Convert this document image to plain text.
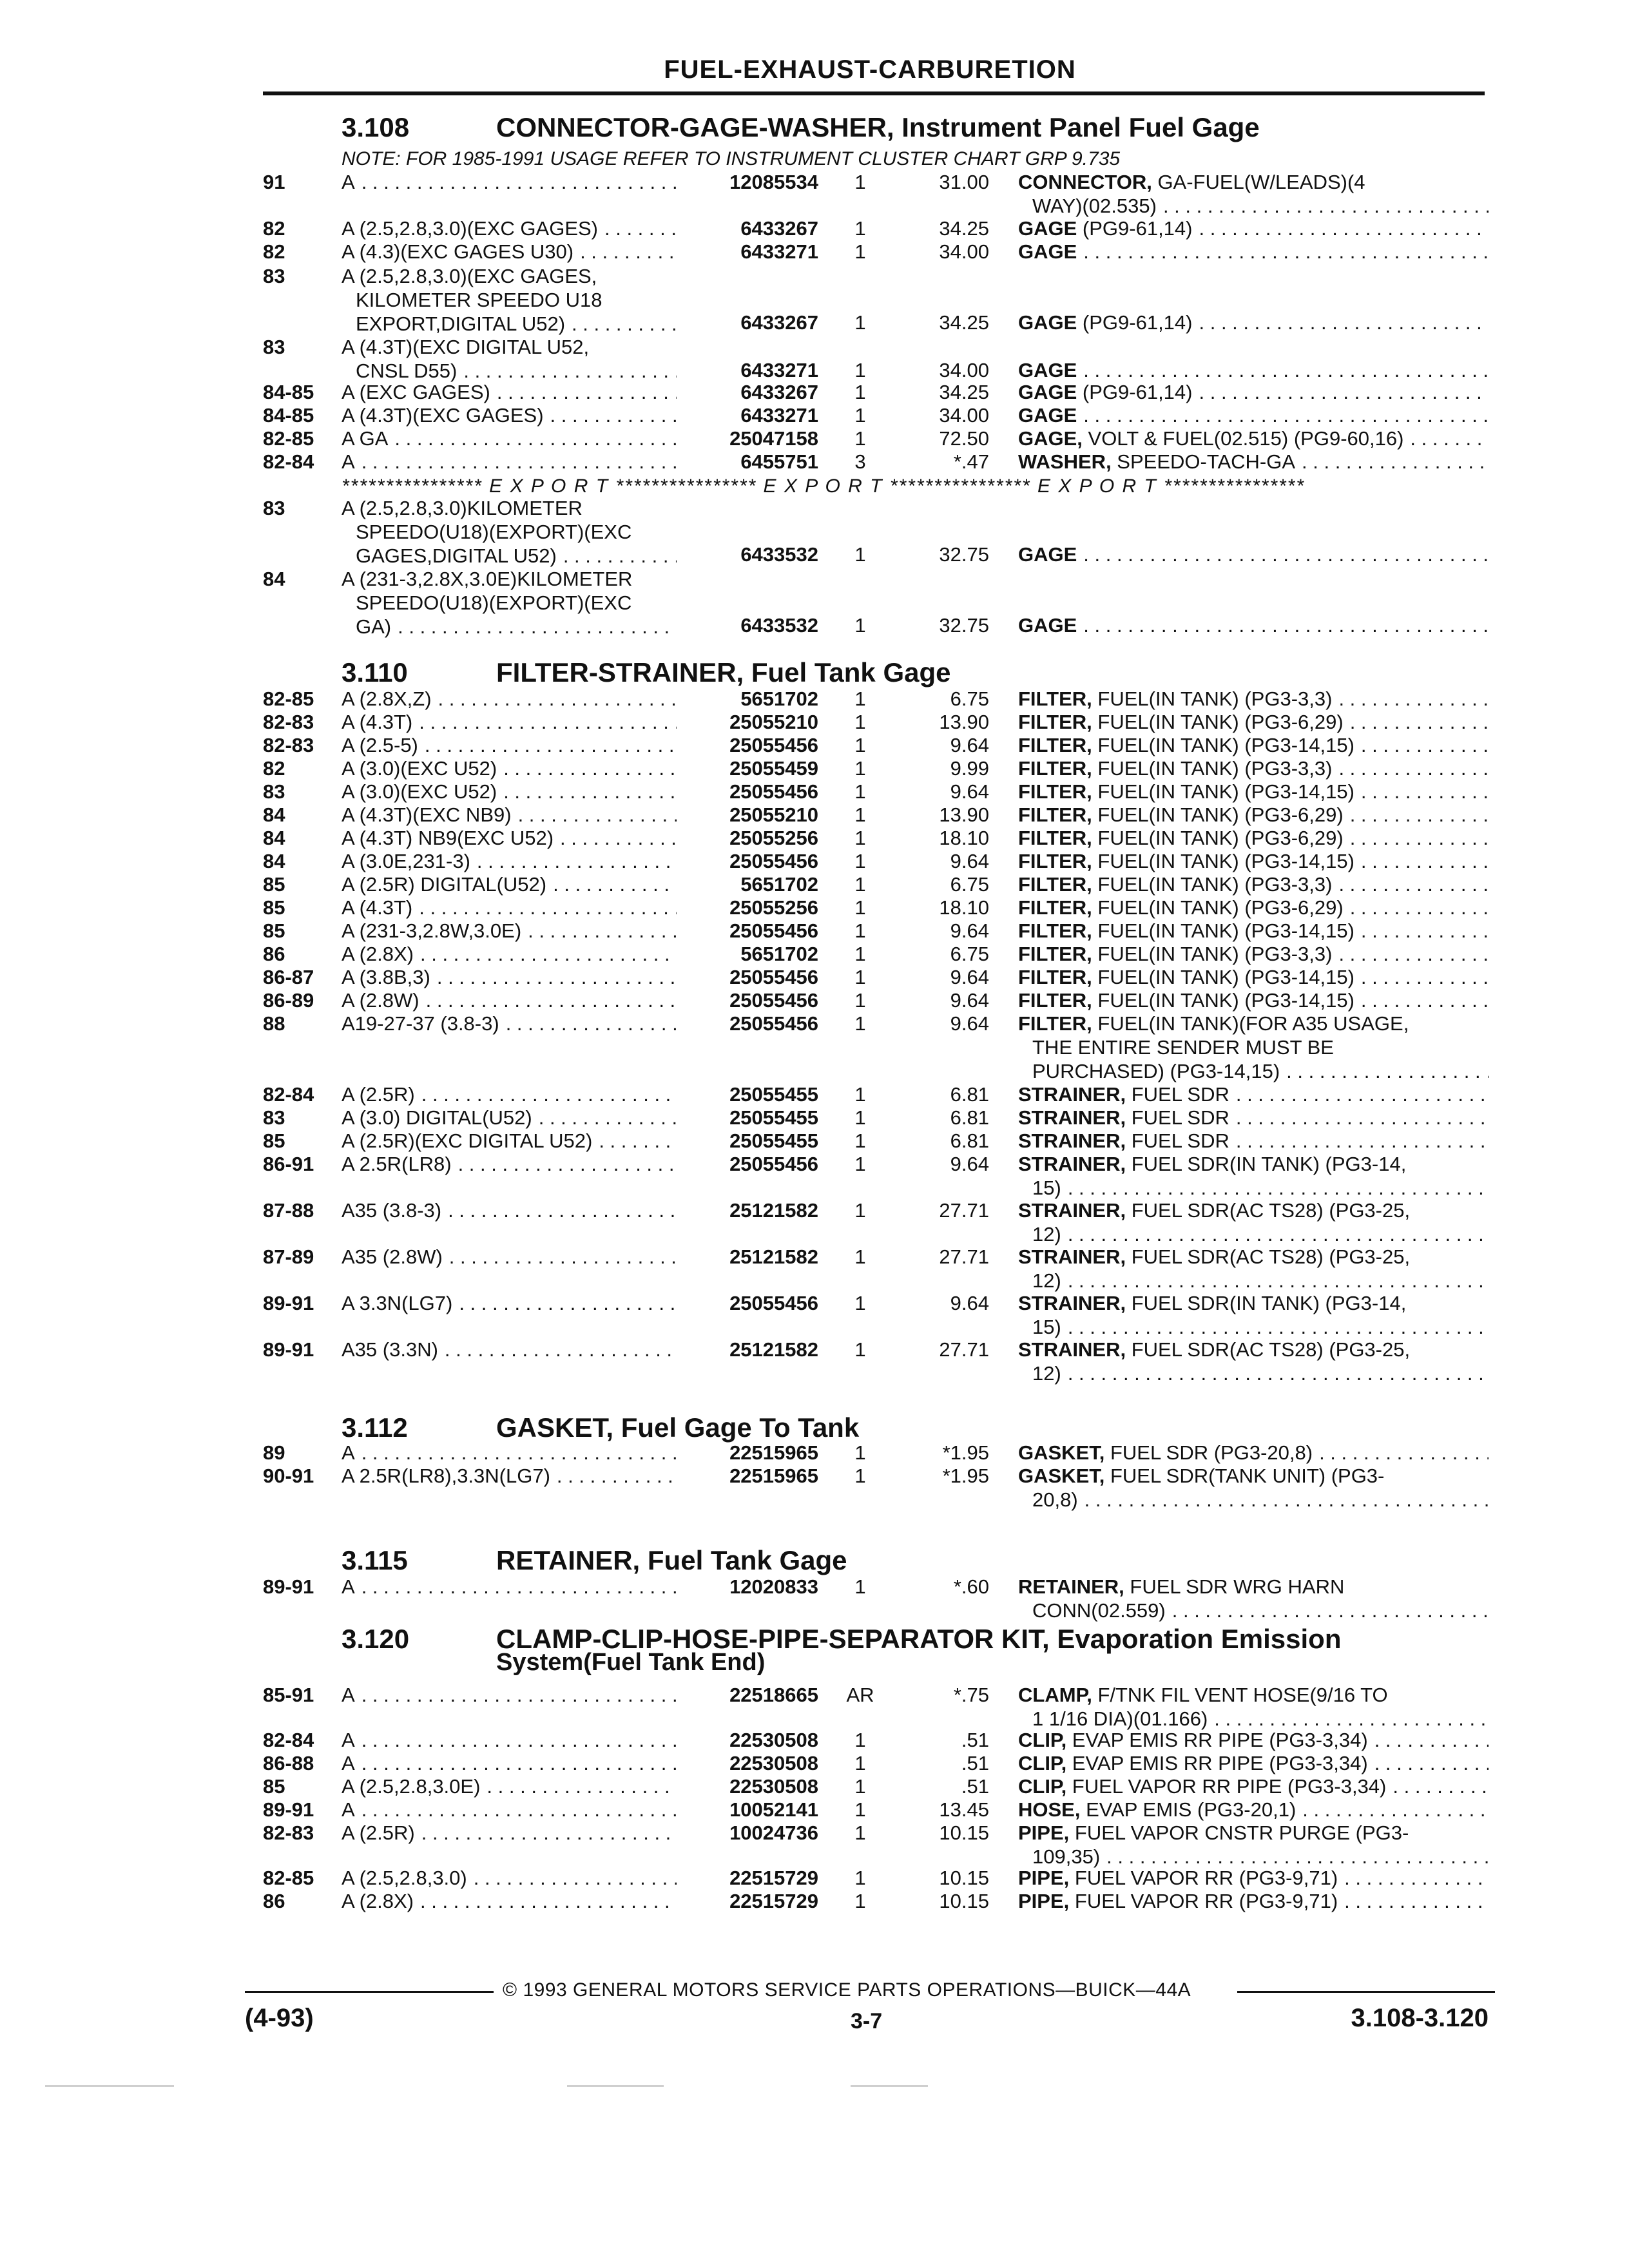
FUEL-EXHAUST-CARBURETION
3.108	CONNECTOR-GAGE-WASHER, Instrument Panel Fuel Gage
NOTE: FOR 1985-1991 USAGE REFER TO INSTRUMENT CLUSTER CHART GRP 9.735
91	A . . .	12085534	1	31.00 CONNECTOR, GA-FUEL(W/LEADS)(4
WAY)(02.535)
. . .
82	A (2.5,2.8,3.0)(EXC GAGES) . . .	6433267	1	34.25 GAGE (PG9-61,14)
. . .
82	A (4.3)(EXC GAGES U30) . . .	6433271	1	34.00 GAGE
. . .
83	A (2.5,2.8,3.0)(EXC GAGES,
KILOMETER SPEEDO U18
EXPORT,DIGITAL U52) . . .	6433267	1	34.25 GAGE (PG9-61,14)
. . .
83	A (4.3T)(EXC DIGITAL U52,
CNSL D55) . . .	6433271	1	34.00 GAGE
. . .
84-85 A (EXC GAGES) . . .	6433267	1	34.25 GAGE (PG9-61,14)
. . .
84-85 A (4.3T)(EXC GAGES) . . .	6433271	1	34.00 GAGE
. . .
82-85 A GA . . .	25047158	1	72.50 GAGE, VOLT & FUEL(02.515) (PG9-60,16)
. . .
82-84 A . . .	6455751	3	*.47 WASHER, SPEEDO-TACH-GA
. . .
83	A (2.5,2.8,3.0)KILOMETER
SPEEDO(U18)(EXPORT)(EXC
GAGES,DIGITAL U52) . . .	6433532	1	32.75 GAGE
. . .
84	A (231-3,2.8X,3.0E)KILOMETER
SPEEDO(U18)(EXPORT)(EXC
GA) . . .	6433532	1	32.75 GAGE
. . .
3.110	FILTER-STRAINER, Fuel Tank Gage
82-85 A (2.8X,Z) . . .	5651702	1	6.75 FILTER, FUEL(IN TANK) (PG3-3,3)
. . .
82-83 A (4.3T) . . .	25055210	1	13.90 FILTER, FUEL(IN TANK) (PG3-6,29)
. . .
82-83 A (2.5-5) . . .	25055456	1	9.64 FILTER, FUEL(IN TANK) (PG3-14,15)
. . .
82	A (3.0)(EXC U52) . . .	25055459	1	9.99 FILTER, FUEL(IN TANK) (PG3-3,3)
. . .
83	A (3.0)(EXC U52) . . .	25055456	1	9.64 FILTER, FUEL(IN TANK) (PG3-14,15)
. . .
84	A (4.3T)(EXC NB9) . . .	25055210	1	13.90 FILTER, FUEL(IN TANK) (PG3-6,29)
. . .
84	A (4.3T) NB9(EXC U52) . . .	25055256	1	18.10 FILTER, FUEL(IN TANK) (PG3-6,29)
. . .
84	A (3.0E,231-3) . . .	25055456	1	9.64 FILTER, FUEL(IN TANK) (PG3-14,15)
. . .
85	A (2.5R) DIGITAL(U52) . . .	5651702	1	6.75 FILTER, FUEL(IN TANK) (PG3-3,3)
. . .
85	A (4.3T) . . .	25055256	1	18.10 FILTER, FUEL(IN TANK) (PG3-6,29)
. . .
85	A (231-3,2.8W,3.0E) . . .	25055456	1	9.64 FILTER, FUEL(IN TANK) (PG3-14,15)
. . .
86	A (2.8X) . . .	5651702	1	6.75 FILTER, FUEL(IN TANK) (PG3-3,3)
. . .
86-87 A (3.8B,3) . . .	25055456	1	9.64 FILTER, FUEL(IN TANK) (PG3-14,15)
. . .
86-89 A (2.8W) . . .	25055456	1	9.64 FILTER, FUEL(IN TANK) (PG3-14,15)
. . .
88	A19-27-37 (3.8-3) . . .	25055456	1	9.64 FILTER, FUEL(IN TANK)(FOR A35 USAGE,
THE ENTIRE SENDER MUST BE
PURCHASED) (PG3-14,15)
. . .
82-84 A (2.5R) . . .	25055455	1	6.81 STRAINER, FUEL SDR
. . .
83	A (3.0) DIGITAL(U52) . . .	25055455	1	6.81 STRAINER, FUEL SDR
. . .
85	A (2.5R)(EXC DIGITAL U52) . . .	25055455	1	6.81 STRAINER, FUEL SDR
. . .
86-91 A 2.5R(LR8) . . .	25055456	1	9.64 STRAINER, FUEL SDR(IN TANK) (PG3-14,
15)
. . .
87-88 A35 (3.8-3) . . .	25121582	1	27.71 STRAINER, FUEL SDR(AC TS28) (PG3-25,
12)
. . .
87-89 A35 (2.8W) . . .	25121582	1	27.71 STRAINER, FUEL SDR(AC TS28) (PG3-25,
12)
. . .
89-91 A 3.3N(LG7) . . .	25055456	1	9.64 STRAINER, FUEL SDR(IN TANK) (PG3-14,
15)
. . .
89-91 A35 (3.3N) . . .	25121582	1	27.71 STRAINER, FUEL SDR(AC TS28) (PG3-25,
12)
. . .
3.112	GASKET, Fuel Gage To Tank
89	A . . .	22515965	1	*1.95 GASKET, FUEL SDR (PG3-20,8)
. . .
90-91 A 2.5R(LR8),3.3N(LG7) . . .	22515965	1	*1.95 GASKET, FUEL SDR(TANK UNIT) (PG3-
20,8)
. . .
3.115	RETAINER, Fuel Tank Gage
89-91 A . . .	12020833	1	*.60 RETAINER, FUEL SDR WRG HARN
CONN(02.559)
. . .
3.120	CLAMP-CLIP-HOSE-PIPE-SEPARATOR KIT, Evaporation Emission
System(Fuel Tank End)
85-91 A . . .	22518665	AR	*.75 CLAMP, F/TNK FIL VENT HOSE(9/16 TO
1 1/16 DIA)(01.166)
. . .
82-84 A . . .	22530508	1	.51 CLIP, EVAP EMIS RR PIPE (PG3-3,34)
. . .
86-88 A . . .	22530508	1	.51 CLIP, EVAP EMIS RR PIPE (PG3-3,34)
. . .
85	A (2.5,2.8,3.0E) . . .	22530508	1	.51 CLIP, FUEL VAPOR RR PIPE (PG3-3,34)
. . .
89-91 A . . .	10052141	1	13.45 HOSE, EVAP EMIS (PG3-20,1)
. . .
82-83 A (2.5R) . . .	10024736	1	10.15 PIPE, FUEL VAPOR CNSTR PURGE (PG3-
109,35)
. . .
82-85 A (2.5,2.8,3.0) . . .	22515729	1	10.15 PIPE, FUEL VAPOR RR (PG3-9,71)
. . .
86	A (2.8X) . . .	22515729	1	10.15 PIPE, FUEL VAPOR RR (PG3-9,71)
. . .
**************** E X P O R T **************** E X P O R T **************** E X P O R T ****************
© 1993 GENERAL MOTORS SERVICE PARTS OPERATIONS—BUICK—44A
(4-93)	3-7	3.108-3.120
